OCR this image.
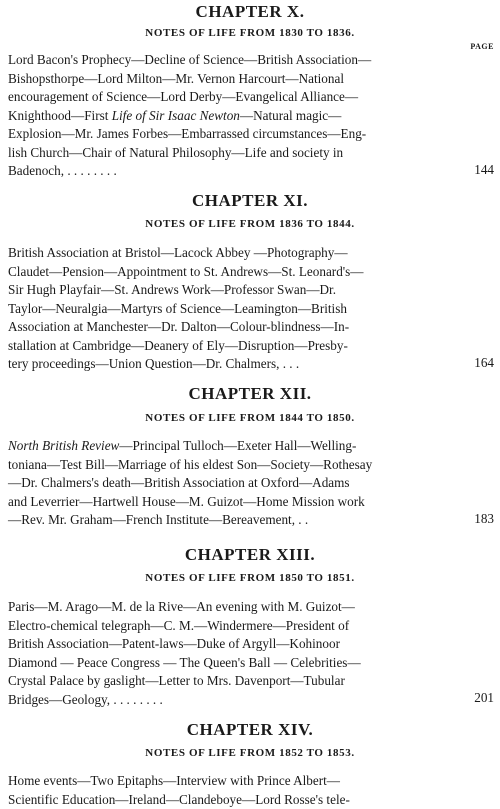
PAGE
CHAPTER X.
NOTES OF LIFE FROM 1830 TO 1836.
Lord Bacon's Prophecy—Decline of Science—British Association—
Bishopsthorpe—Lord Milton—Mr. Vernon Harcourt—National
encouragement of Science—Lord Derby—Evangelical Alliance—
Knighthood—First Life of Sir Isaac Newton—Natural magic—
Explosion—Mr. James Forbes—Embarrassed circumstances—Eng-
lish Church—Chair of Natural Philosophy—Life and society in
Badenoch, . . . . . . . .	144
CHAPTER XI.
NOTES OF LIFE FROM 1836 TO 1844.
British Association at Bristol—Lacock Abbey —Photography—
Claudet—Pension—Appointment to St. Andrews—St. Leonard's—
Sir Hugh Playfair—St. Andrews Work—Professor Swan—Dr.
Taylor—Neuralgia—Martyrs of Science—Leamington—British
Association at Manchester—Dr. Dalton—Colour-blindness—In-
stallation at Cambridge—Deanery of Ely—Disruption—Presby-
tery proceedings—Union Question—Dr. Chalmers, . . .	164
CHAPTER XII.
NOTES OF LIFE FROM 1844 TO 1850.
North British Review—Principal Tulloch—Exeter Hall—Welling-
toniana—Test Bill—Marriage of his eldest Son—Society—Rothesay
—Dr. Chalmers's death—British Association at Oxford—Adams
and Leverrier—Hartwell House—M. Guizot—Home Mission work
—Rev. Mr. Graham—French Institute—Bereavement, . .	183
CHAPTER XIII.
NOTES OF LIFE FROM 1850 TO 1851.
Paris—M. Arago—M. de la Rive—An evening with M. Guizot—
Electro-chemical telegraph—C. M.—Windermere—President of
British Association—Patent-laws—Duke of Argyll—Kohinoor
Diamond — Peace Congress — The Queen's Ball — Celebrities—
Crystal Palace by gaslight—Letter to Mrs. Davenport—Tubular
Bridges—Geology, . . . . . . . .	201
CHAPTER XIV.
NOTES OF LIFE FROM 1852 TO 1853.
Home events—Two Epitaphs—Interview with Prince Albert—
Scientific Education—Ireland—Clandeboye—Lord Rosse's tele-
